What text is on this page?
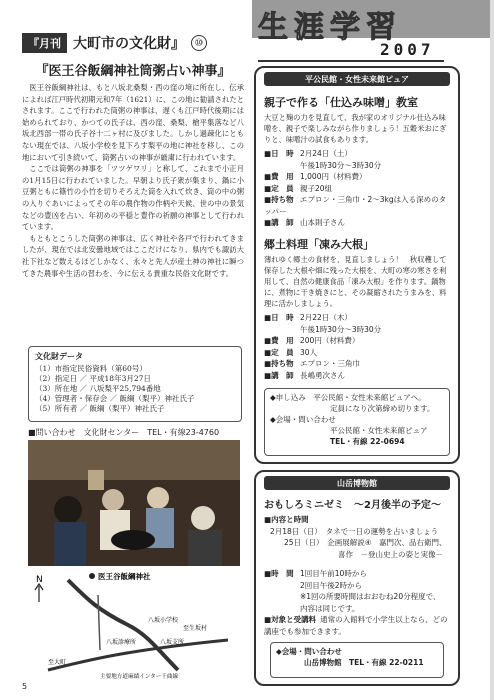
『月刊 大町市の文化財』 ⑩
『医王谷飯綱神社筒粥占い神事』

医王谷飯綱神社は、もと八坂北桑梨・西の窪の境に所在し、伝承によれば江戸時代初期元和7年（1621）に、この地に勧請されたとされます。ここで行われた筒粥の神事は、遅くも江戸時代後期には始められており、かつての氏子は、西の窪、桑梨、槍平集落など八坂北西部一帯の氏子谷十二ヶ村に及びました。しかし過疎化にともない現在では、八坂小学校を見下ろす梨平の地に神社を移し、この地において引き続いて、筒粥占いの神事が厳粛に行われています。

ここでは筒粥の神事を「ツツゲワリ」と称して、これまで小正月の1月15日に行われていました。早朝より氏子衆が集まり、鍋に小豆粥ともに篠竹の小竹を切りそろえた筒を入れて炊き、筒の中の粥の入りぐあいによってその年の農作物の作柄や天候、世の中の景気などの豊凶を占い、年初めの平穏と豊作の祈願の神事として行われています。

もともとこうした筒粥の神事は、広く神社や各戸で行われてきましたが、現在では北安曇地域ではここだけになり、県内でも諏訪大社下社など数えるほどしかなく、永々と先人が産土神の神社に瞬つてきた農事や生活の習わを、今に伝える貴重な民俗文化財です。

文化財データ
（1）市指定民俗資料（第60号）
（2）指定日 ／ 平成18年3月27日
（3）所在地 ／ 八坂梨平25,794番地
（4）管理者・保存会 ／ 飯綱（梨平）神社氏子
（5）所有者 ／ 飯綱（梨平）神社氏子
■問い合わせ　文化財センター　TEL・有線23-4760
N	医王谷飯綱神社
八坂小学校
至生坂村
八坂診療所	八坂支所
至大町
主要地方道麻績インター千曲線
5
生涯学習
2007
平公民館・女性未来館ピュア
親子で作る「仕込み味噌」教室
大豆と麹の力を見直して、我が家のオリジナル仕込み味噌を、親子で楽しみながら作りましょう！五穀米おにぎりと、味噌汁の試食もあります。
■日　時 2月24日（土）
午後1時30分～3時30分
■費　用 1,000円（材料費）
■定　員 親子20組
■持ち物 エプロン・三角巾・2～3kgは入る深めのタッパー
■講　師 山本則子さん
郷土料理「凍み大根」
薄れゆく郷土の食材を、見直しましょう！　秋収穫して保存した大根や畑に残った大根を、大町の寒の寒さを利用して、自然の健康食品「凍み大根」を作ります。鍋物に、煮物に干き焼きにと、その凝縮されたうまみを、料理に活かしましょう。
■日　時 2月22日（木）
午後1時30分～3時30分
■費　用 200円（材料費）
■定　員 30人
■持ち物 エプロン・三角巾
■講　師 長嶋勇次さん
◆申し込み　平公民館・女性未来館ピュアへ。
定員になり次第締め切ります。
◆会場・問い合わせ
平公民館・女性未来館ピュア
TEL・有線 22-0694
山岳博物館
おもしろミニゼミ　～2月後半の予定～
■内容と時間
2月18日（日）　タネで一日の運勢を占いましょう
25日（日）　企画展解説④　嘉門次、品右衛門、
喜作　－登山史上の姿と実像－
■時　間 1回目午前10時から
2回目午後2時から
※1回の所要時間はおおむね20分程度で、
内容は同じです。
■対象と受講料 通常の入館料で小学生以上なら、どの講座でも参加できます。
◆会場・問い合わせ
山岳博物館　TEL・有線 22-0211
